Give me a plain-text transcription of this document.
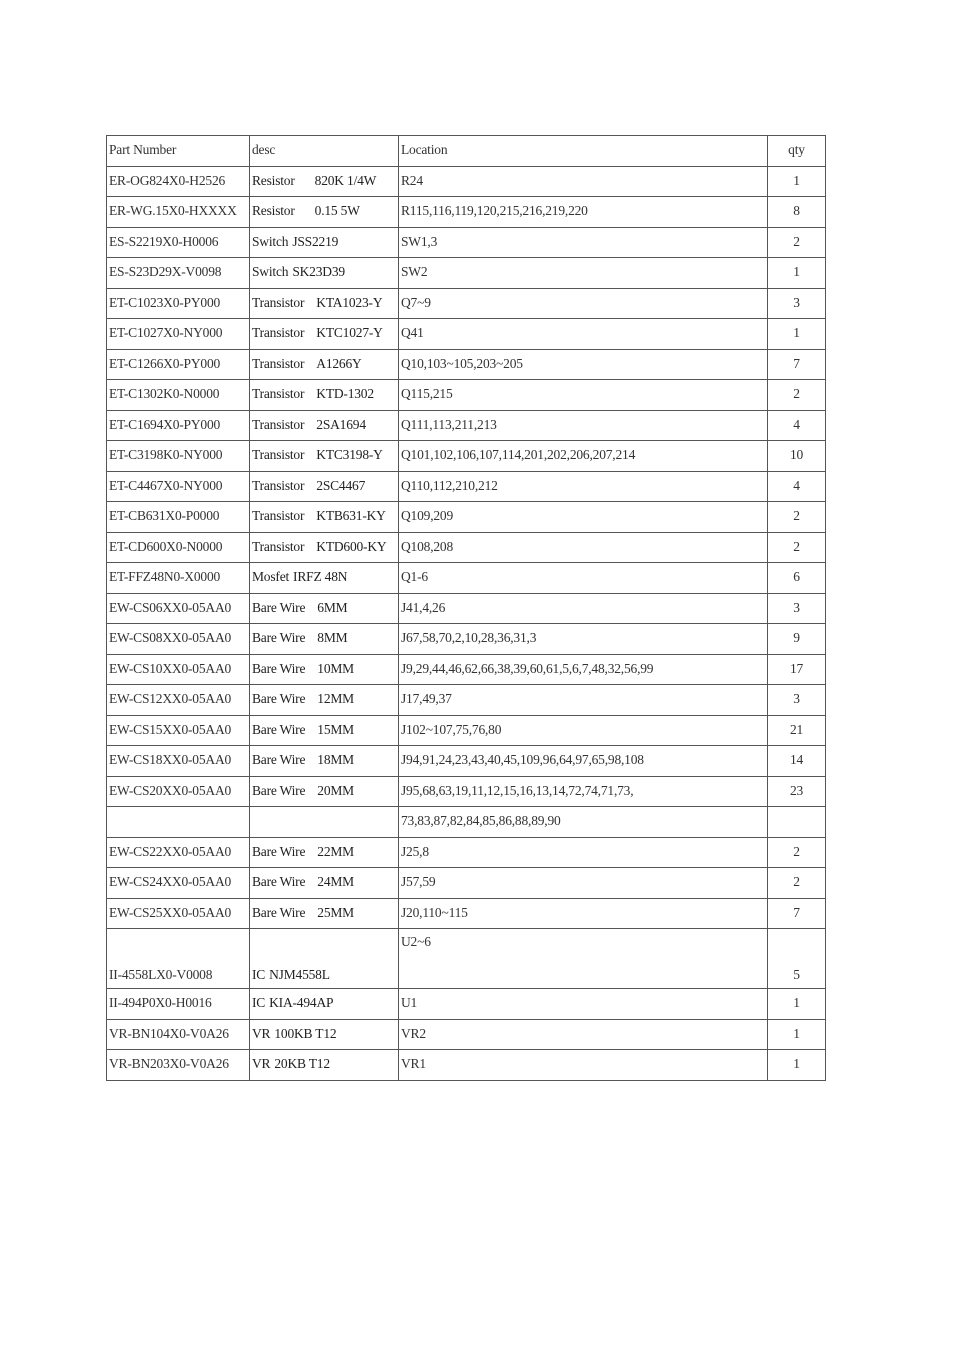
Part Number	desc	Location	qty
ER-OG824X0-H2526	Resistor 820K 1/4W	R24	1
ER-WG.15X0-HXXXX	Resistor 0.15 5W	R115,116,119,120,215,216,219,220	8
ES-S2219X0-H0006	Switch JSS2219	SW1,3	2
ES-S23D29X-V0098	Switch SK23D39	SW2	1
ET-C1023X0-PY000	Transistor KTA1023-Y	Q7~9	3
ET-C1027X0-NY000	Transistor KTC1027-Y	Q41	1
ET-C1266X0-PY000	Transistor A1266Y	Q10,103~105,203~205	7
ET-C1302K0-N0000	Transistor KTD-1302	Q115,215	2
ET-C1694X0-PY000	Transistor 2SA1694	Q111,113,211,213	4
ET-C3198K0-NY000	Transistor KTC3198-Y	Q101,102,106,107,114,201,202,206,207,214	10
ET-C4467X0-NY000	Transistor 2SC4467	Q110,112,210,212	4
ET-CB631X0-P0000	Transistor KTB631-KY	Q109,209	2
ET-CD600X0-N0000	Transistor KTD600-KY	Q108,208	2
ET-FFZ48N0-X0000	Mosfet IRFZ 48N	Q1-6	6
EW-CS06XX0-05AA0	Bare Wire 6MM	J41,4,26	3
EW-CS08XX0-05AA0	Bare Wire 8MM	J67,58,70,2,10,28,36,31,3	9
EW-CS10XX0-05AA0	Bare Wire 10MM	J9,29,44,46,62,66,38,39,60,61,5,6,7,48,32,56,99	17
EW-CS12XX0-05AA0	Bare Wire 12MM	J17,49,37	3
EW-CS15XX0-05AA0	Bare Wire 15MM	J102~107,75,76,80	21
EW-CS18XX0-05AA0	Bare Wire 18MM	J94,91,24,23,43,40,45,109,96,64,97,65,98,108	14
EW-CS20XX0-05AA0	Bare Wire 20MM	J95,68,63,19,11,12,15,16,13,14,72,74,71,73,	23
		73,83,87,82,84,85,86,88,89,90	
EW-CS22XX0-05AA0	Bare Wire 22MM	J25,8	2
EW-CS24XX0-05AA0	Bare Wire 24MM	J57,59	2
EW-CS25XX0-05AA0	Bare Wire 25MM	J20,110~115	7
II-4558LX0-V0008	IC NJM4558L	U2~6	5
II-494P0X0-H0016	IC KIA-494AP	U1	1
VR-BN104X0-V0A26	VR 100KB T12	VR2	1
VR-BN203X0-V0A26	VR 20KB T12	VR1	1
